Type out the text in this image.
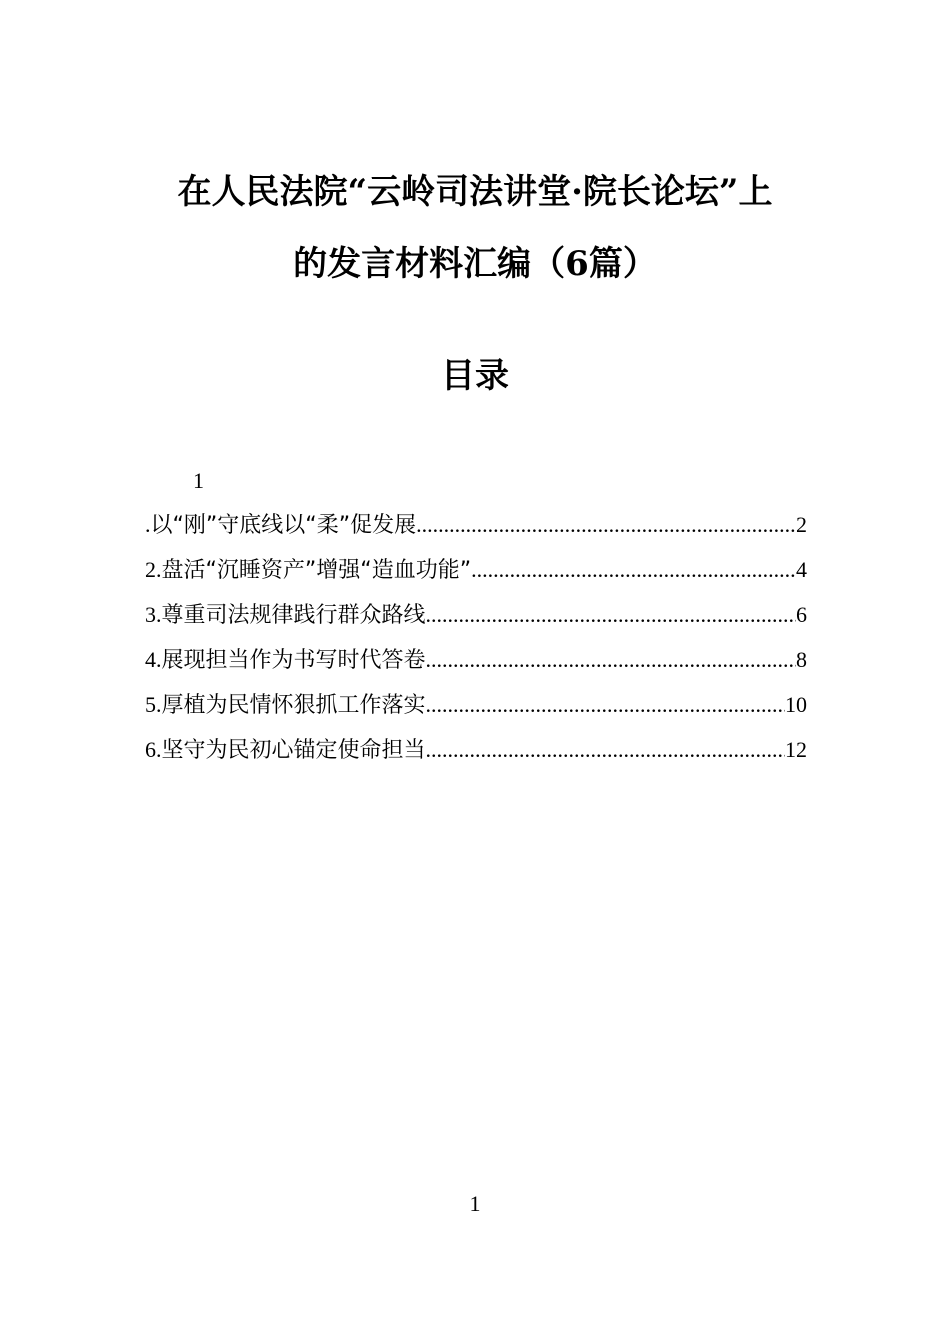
在人民法院“云岭司法讲堂·院长论坛”上
的发言材料汇编（6篇）
目录
1
.以“刚”守底线以“柔”促发展 .....	2
2.盘活“沉睡资产”增强“造血功能” .....	4
3.尊重司法规律践行群众路线 .....	6
4.展现担当作为书写时代答卷 .....	8
5.厚植为民情怀狠抓工作落实 .....	10
6.坚守为民初心锚定使命担当 .....	12
1
